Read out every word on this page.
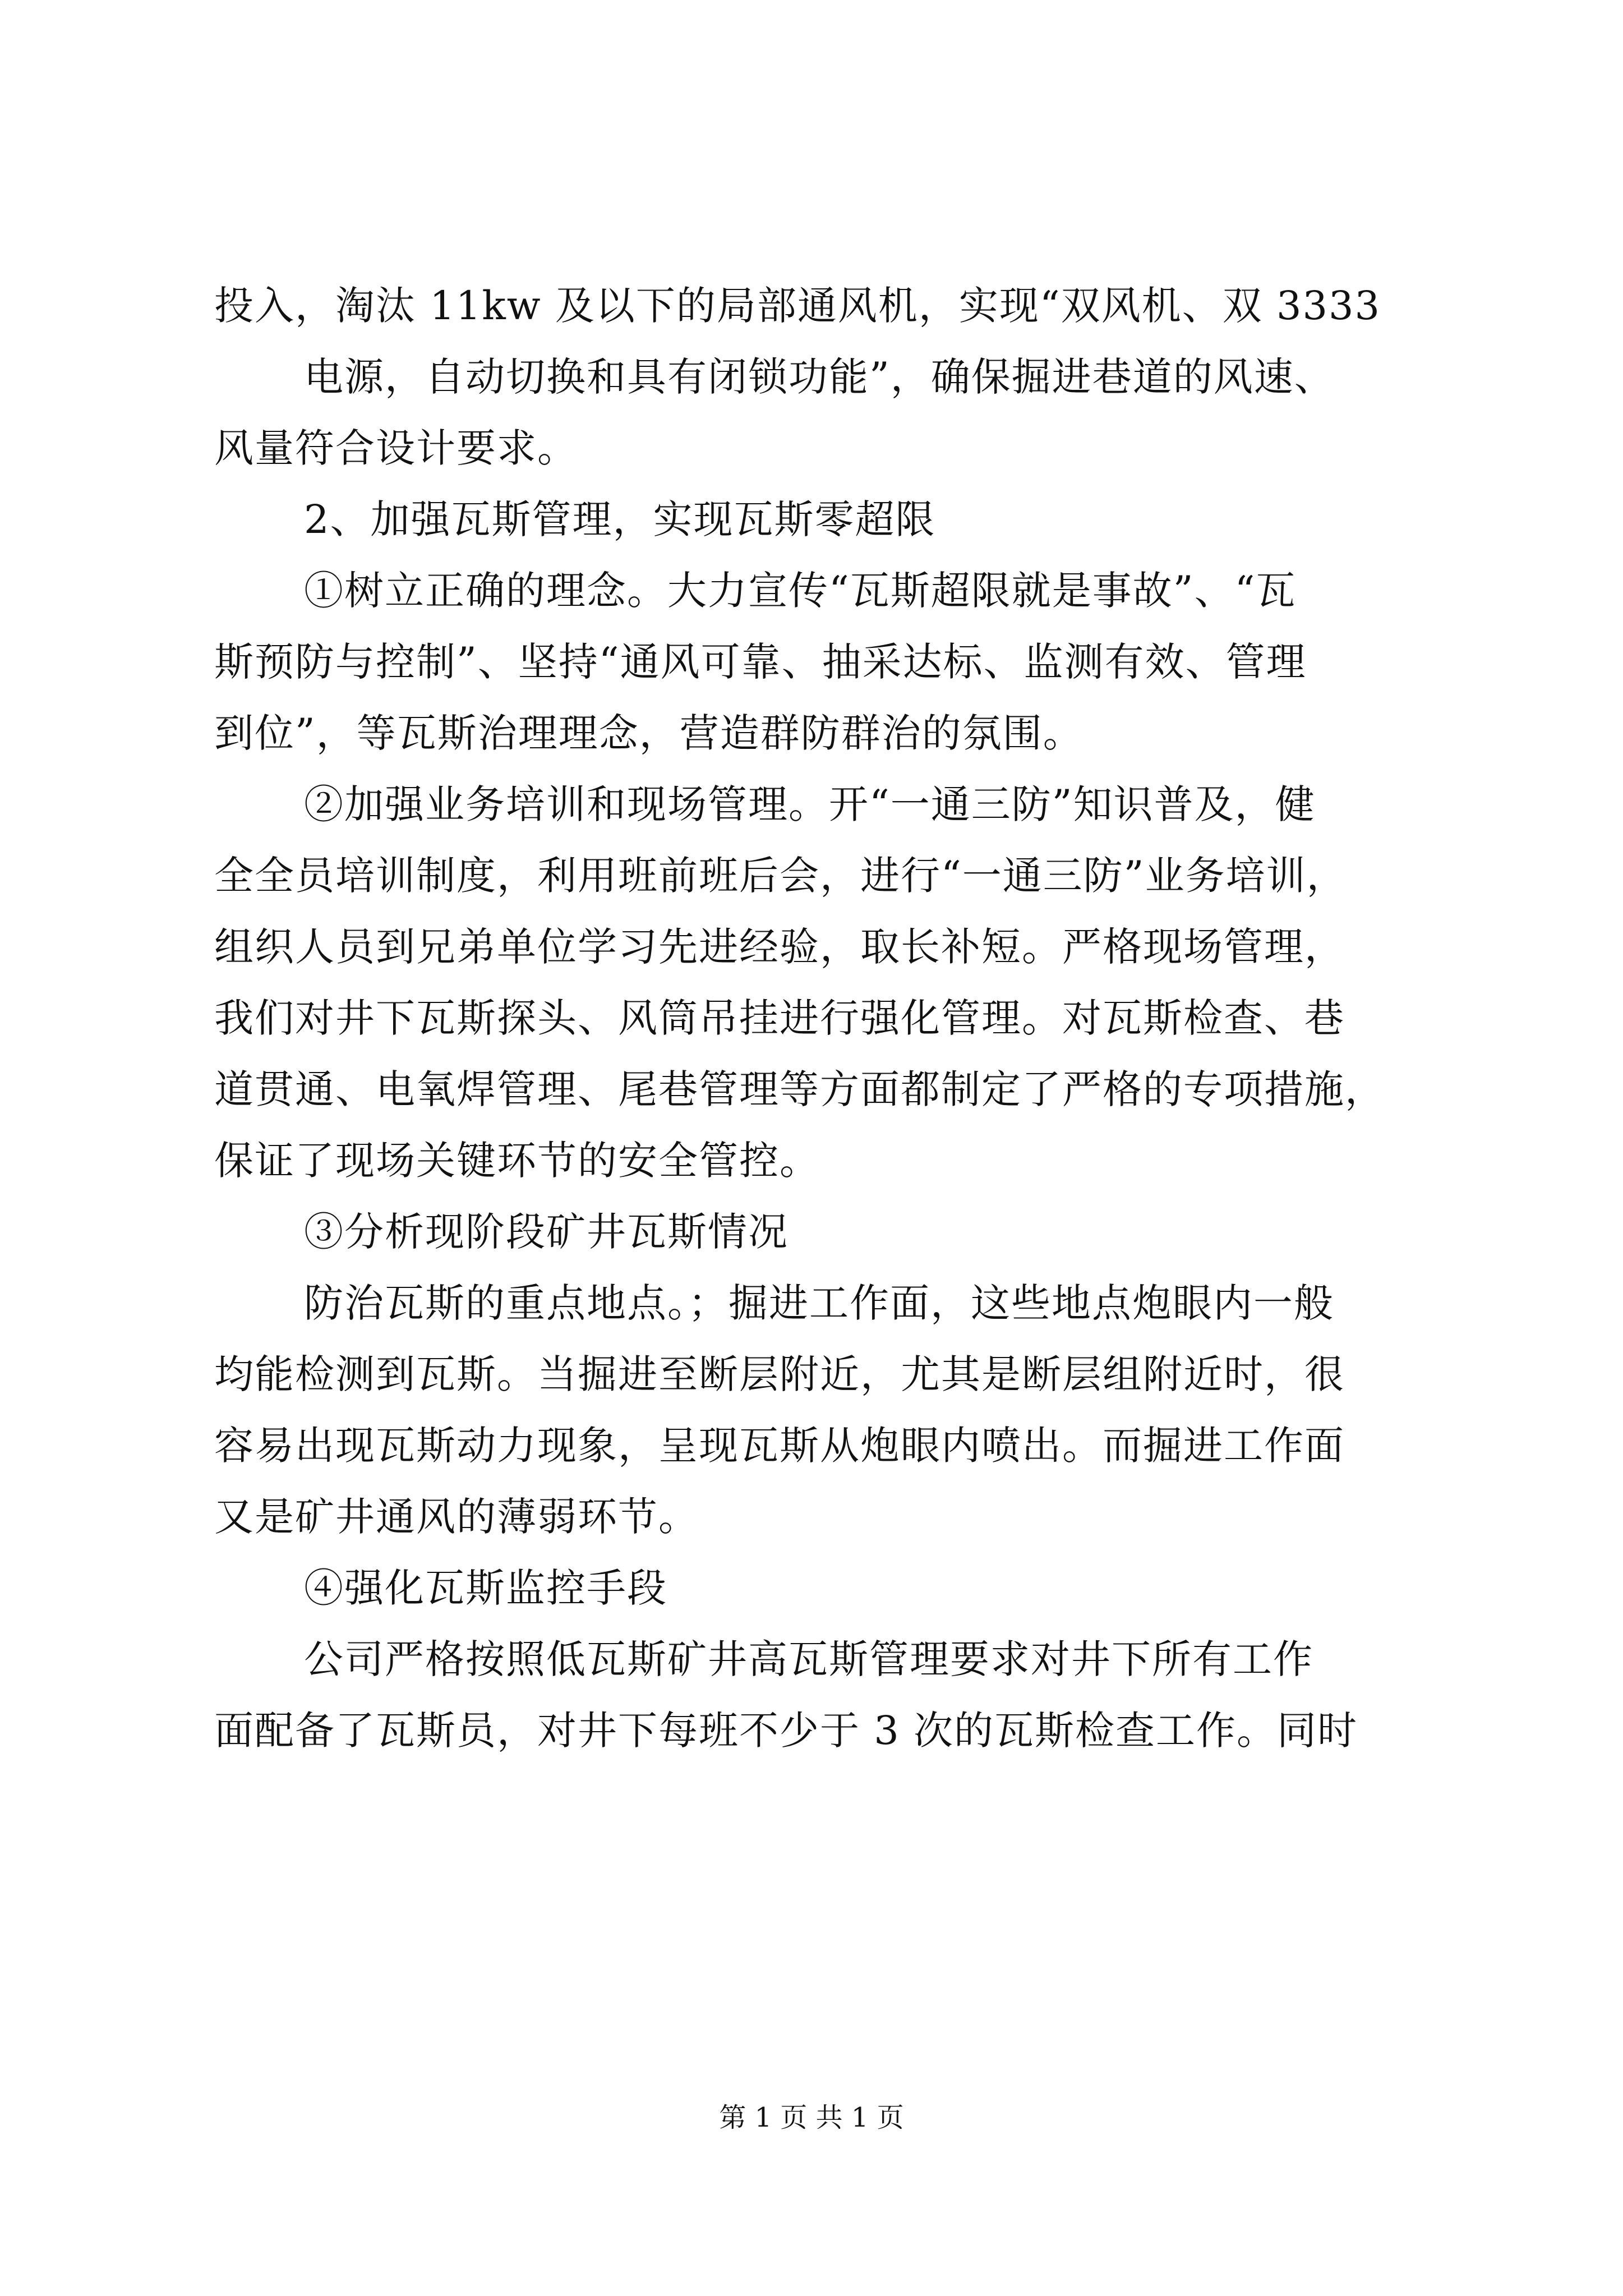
投入，淘汰 11kw 及以下的局部通风机，实现“双风机、双 3333
电源，自动切换和具有闭锁功能”，确保掘进巷道的风速、
风量符合设计要求。
2、加强瓦斯管理，实现瓦斯零超限
①树立正确的理念。大力宣传“瓦斯超限就是事故”、“瓦
斯预防与控制”、坚持“通风可靠、抽采达标、监测有效、管理
到位”，等瓦斯治理理念，营造群防群治的氛围。
②加强业务培训和现场管理。开“一通三防”知识普及，健
全全员培训制度，利用班前班后会，进行“一通三防”业务培训，
组织人员到兄弟单位学习先进经验，取长补短。严格现场管理，
我们对井下瓦斯探头、风筒吊挂进行强化管理。对瓦斯检查、巷
道贯通、电氧焊管理、尾巷管理等方面都制定了严格的专项措施，
保证了现场关键环节的安全管控。
③分析现阶段矿井瓦斯情况
防治瓦斯的重点地点。；掘进工作面，这些地点炮眼内一般
均能检测到瓦斯。当掘进至断层附近，尤其是断层组附近时，很
容易出现瓦斯动力现象，呈现瓦斯从炮眼内喷出。而掘进工作面
又是矿井通风的薄弱环节。
④强化瓦斯监控手段
公司严格按照低瓦斯矿井高瓦斯管理要求对井下所有工作
面配备了瓦斯员，对井下每班不少于 3 次的瓦斯检查工作。同时
第 1 页 共 1 页
